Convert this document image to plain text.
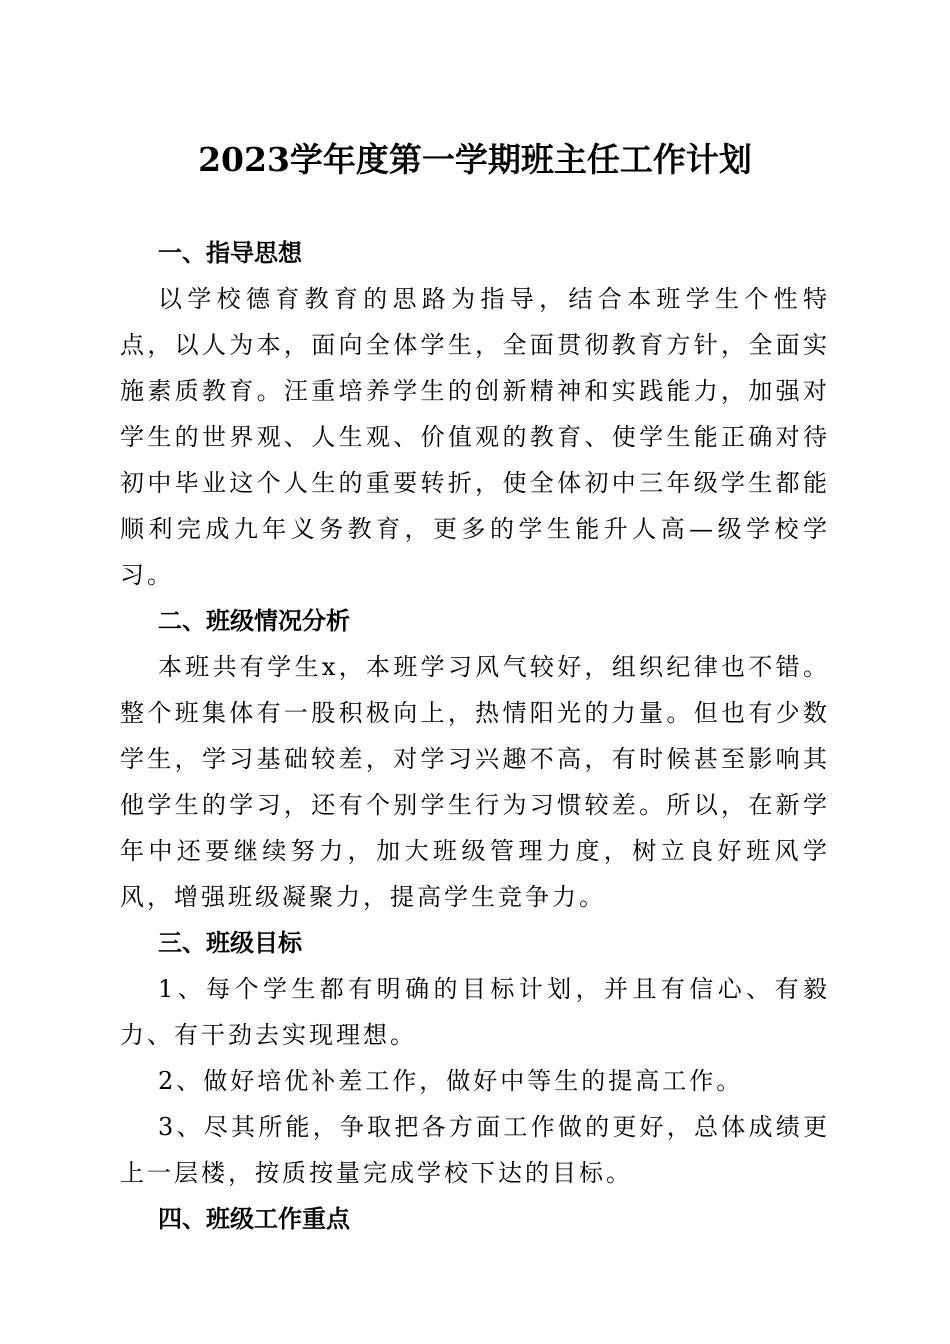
2023学年度第一学期班主任工作计划
一、指导思想

以学校德育教育的思路为指导，结合本班学生个性特点，以人为本，面向全体学生，全面贯彻教育方针，全面实施素质教育。汪重培养学生的创新精神和实践能力，加强对学生的世界观、人生观、价值观的教育、使学生能正确对待初中毕业这个人生的重要转折，使全体初中三年级学生都能顺利完成九年义务教育，更多的学生能升人高—级学校学习。

二、班级情况分析

本班共有学生x，本班学习风气较好，组织纪律也不错。整个班集体有一股积极向上，热情阳光的力量。但也有少数学生，学习基础较差，对学习兴趣不高，有时候甚至影响其他学生的学习，还有个别学生行为习惯较差。所以，在新学年中还要继续努力，加大班级管理力度，树立良好班风学风，增强班级凝聚力，提高学生竞争力。

三、班级目标

1、每个学生都有明确的目标计划，并且有信心、有毅力、有干劲去实现理想。

2、做好培优补差工作，做好中等生的提高工作。

3、尽其所能，争取把各方面工作做的更好，总体成绩更上一层楼，按质按量完成学校下达的目标。

四、班级工作重点
